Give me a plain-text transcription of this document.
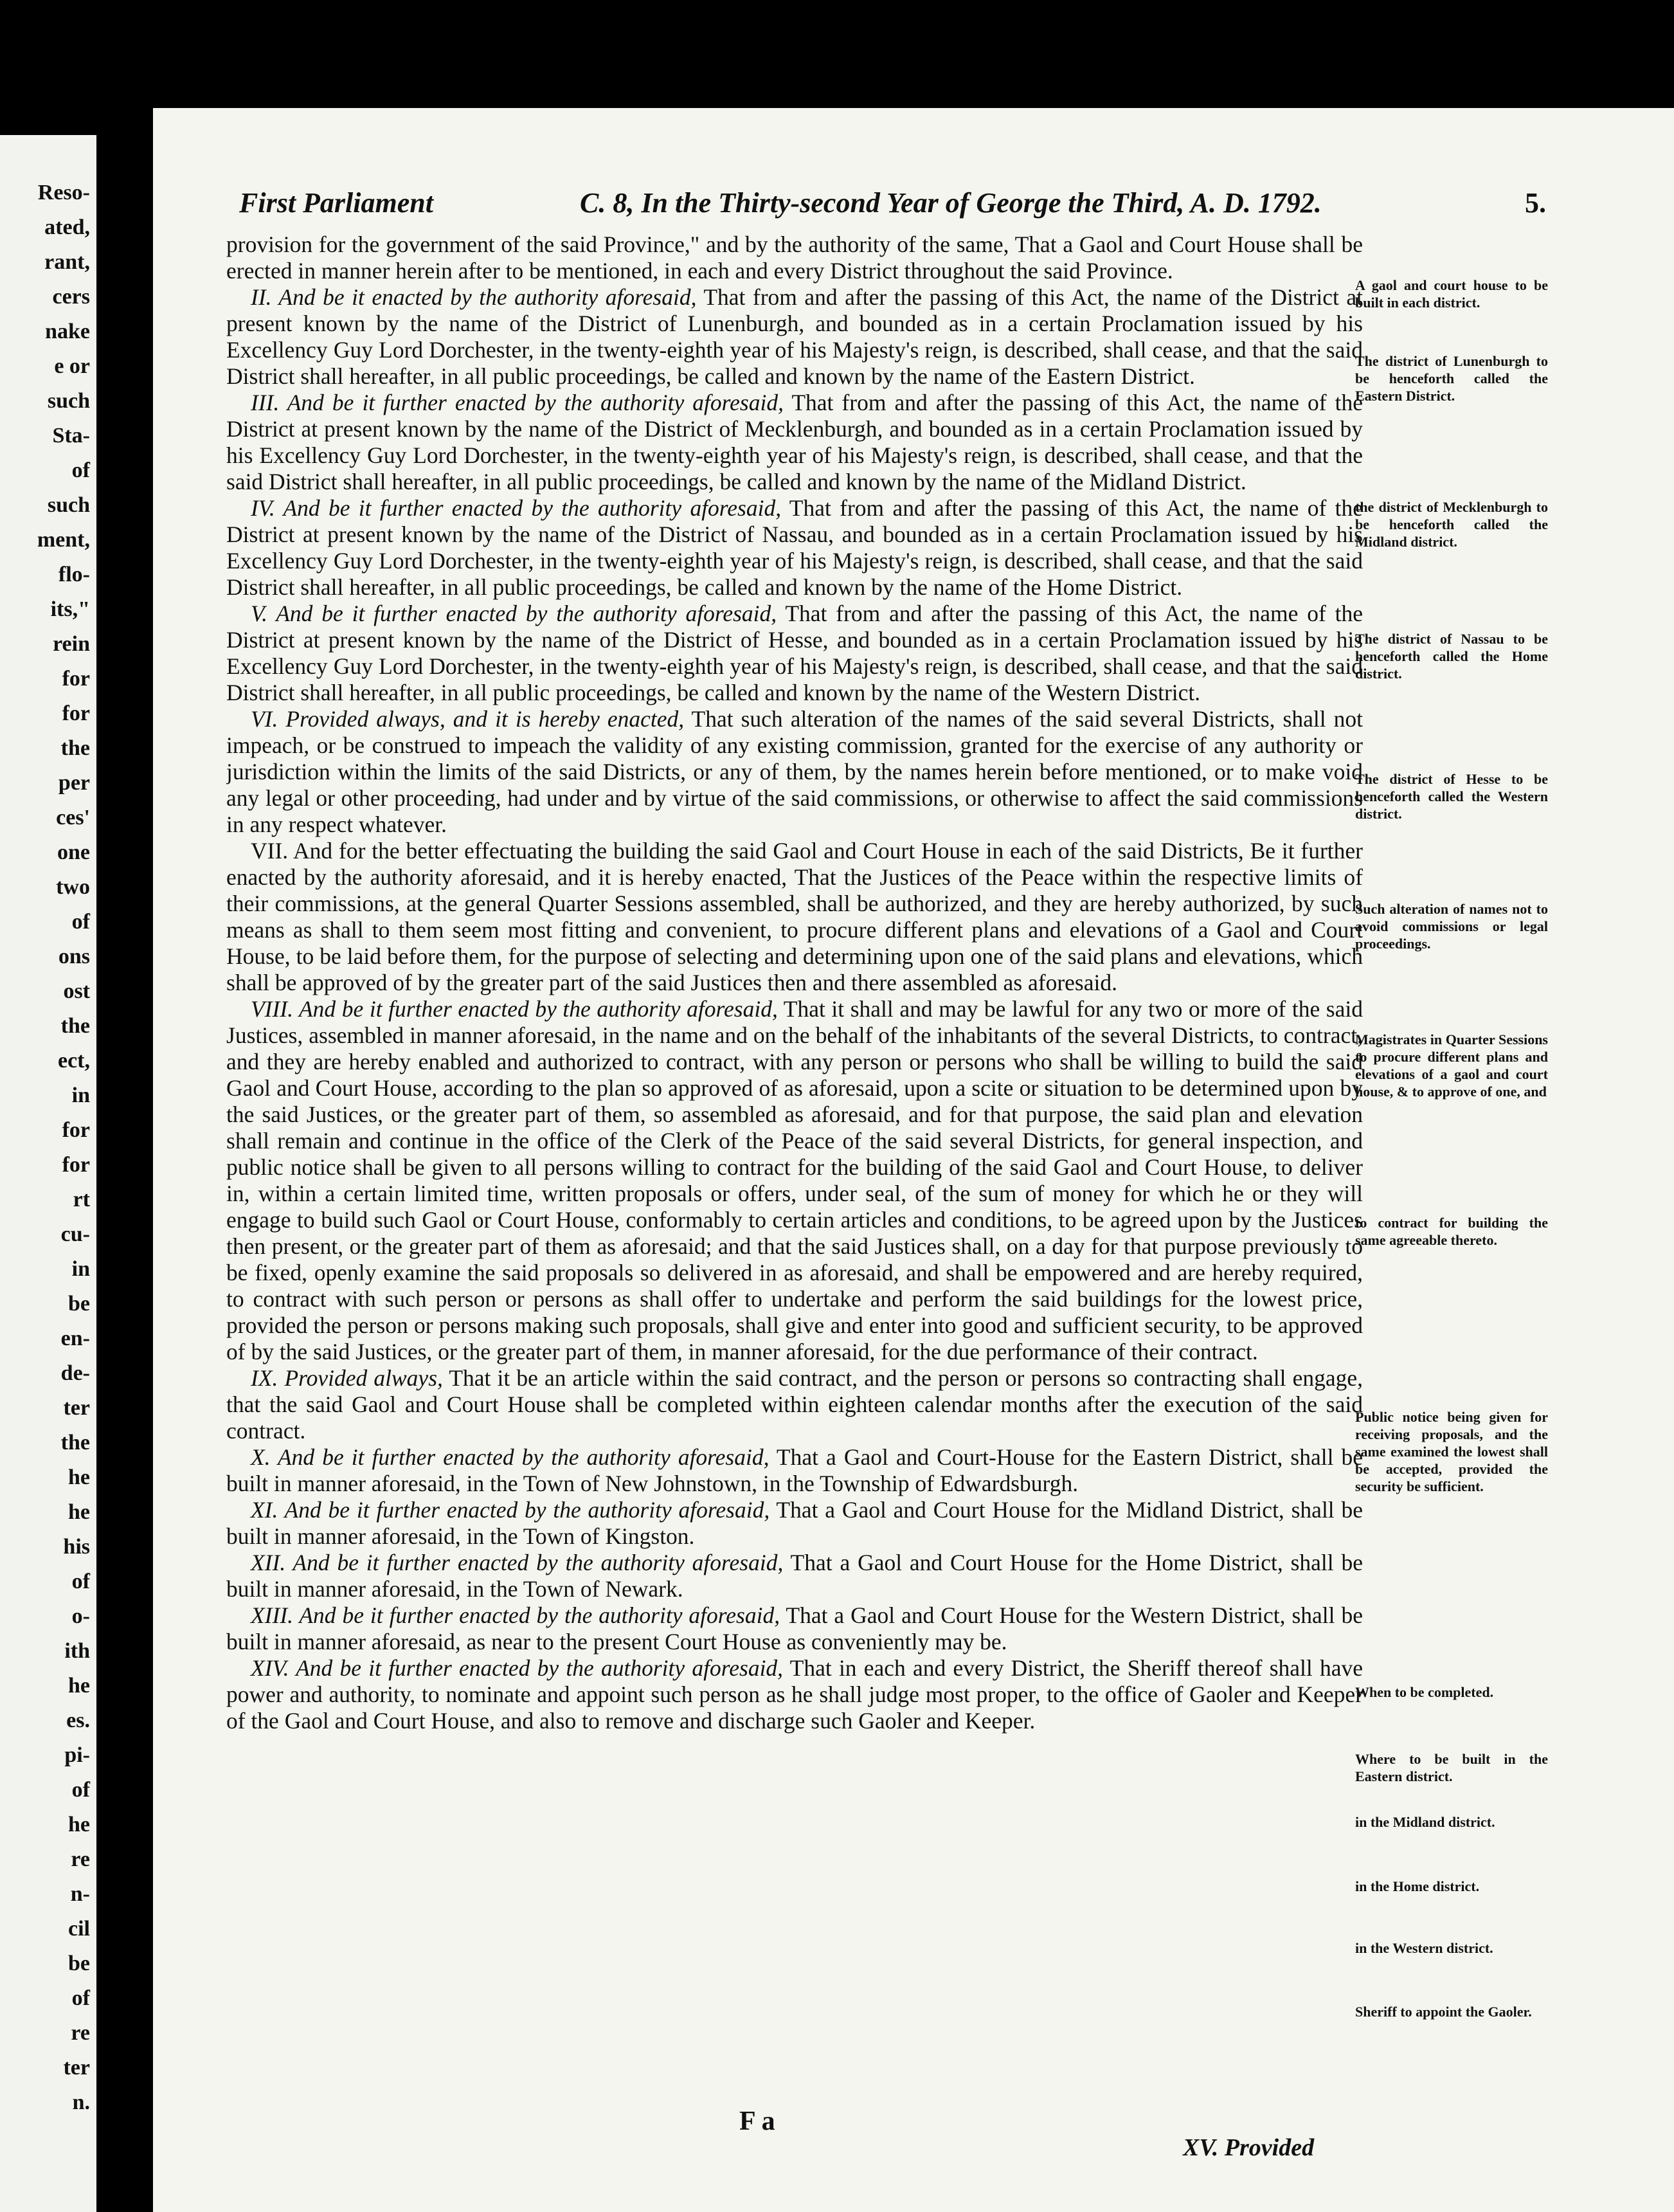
Reso-
ated,
rant,
cers
nake
e or
such
Sta-
of
such
ment,
flo-
its,"
rein
for
for
the
per
ces'
one
two
of
ons
ost
the
ect,
in
for
for
rt
cu-
in
be
en-
de-
ter
the
he
he
his
of
o-
ith
he
es.
pi-
of
he
re
n-
cil
be
of
re
ter
n.
First Parliament	C. 8, In the Thirty-second Year of George the Third, A. D. 1792.	5.

provision for the government of the said Province," and by the authority of the same, That a Gaol and Court House shall be erected in manner herein after to be mentioned, in each and every District throughout the said Province.

II. And be it enacted by the authority aforesaid, That from and after the passing of this Act, the name of the District at present known by the name of the District of Lunenburgh, and bounded as in a certain Proclamation issued by his Excellency Guy Lord Dorchester, in the twenty-eighth year of his Majesty's reign, is described, shall cease, and that the said District shall hereafter, in all public proceedings, be called and known by the name of the Eastern District.

III. And be it further enacted by the authority aforesaid, That from and after the passing of this Act, the name of the District at present known by the name of the District of Mecklenburgh, and bounded as in a certain Proclamation issued by his Excellency Guy Lord Dorchester, in the twenty-eighth year of his Majesty's reign, is described, shall cease, and that the said District shall hereafter, in all public proceedings, be called and known by the name of the Midland District.

IV. And be it further enacted by the authority aforesaid, That from and after the passing of this Act, the name of the District at present known by the name of the District of Nassau, and bounded as in a certain Proclamation issued by his Excellency Guy Lord Dorchester, in the twenty-eighth year of his Majesty's reign, is described, shall cease, and that the said District shall hereafter, in all public proceedings, be called and known by the name of the Home District.

V. And be it further enacted by the authority aforesaid, That from and after the passing of this Act, the name of the District at present known by the name of the District of Hesse, and bounded as in a certain Proclamation issued by his Excellency Guy Lord Dorchester, in the twenty-eighth year of his Majesty's reign, is described, shall cease, and that the said District shall hereafter, in all public proceedings, be called and known by the name of the Western District.

VI. Provided always, and it is hereby enacted, That such alteration of the names of the said several Districts, shall not impeach, or be construed to impeach the validity of any existing commission, granted for the exercise of any authority or jurisdiction within the limits of the said Districts, or any of them, by the names herein before mentioned, or to make void any legal or other proceeding, had under and by virtue of the said commissions, or otherwise to affect the said commissions in any respect whatever.

VII. And for the better effectuating the building the said Gaol and Court House in each of the said Districts, Be it further enacted by the authority aforesaid, and it is hereby enacted, That the Justices of the Peace within the respective limits of their commissions, at the general Quarter Sessions assembled, shall be authorized, and they are hereby authorized, by such means as shall to them seem most fitting and convenient, to procure different plans and elevations of a Gaol and Court House, to be laid before them, for the purpose of selecting and determining upon one of the said plans and elevations, which shall be approved of by the greater part of the said Justices then and there assembled as aforesaid.

VIII. And be it further enacted by the authority aforesaid, That it shall and may be lawful for any two or more of the said Justices, assembled in manner aforesaid, in the name and on the behalf of the inhabitants of the several Districts, to contract, and they are hereby enabled and authorized to contract, with any person or persons who shall be willing to build the said Gaol and Court House, according to the plan so approved of as aforesaid, upon a scite or situation to be determined upon by the said Justices, or the greater part of them, so assembled as aforesaid, and for that purpose, the said plan and elevation shall remain and continue in the office of the Clerk of the Peace of the said several Districts, for general inspection, and public notice shall be given to all persons willing to contract for the building of the said Gaol and Court House, to deliver in, within a certain limited time, written proposals or offers, under seal, of the sum of money for which he or they will engage to build such Gaol or Court House, conformably to certain articles and conditions, to be agreed upon by the Justices then present, or the greater part of them as aforesaid; and that the said Justices shall, on a day for that purpose previously to be fixed, openly examine the said proposals so delivered in as aforesaid, and shall be empowered and are hereby required, to contract with such person or persons as shall offer to undertake and perform the said buildings for the lowest price, provided the person or persons making such proposals, shall give and enter into good and sufficient security, to be approved of by the said Justices, or the greater part of them, in manner aforesaid, for the due performance of their contract.

IX. Provided always, That it be an article within the said contract, and the person or persons so contracting shall engage, that the said Gaol and Court House shall be completed within eighteen calendar months after the execution of the said contract.

X. And be it further enacted by the authority aforesaid, That a Gaol and Court-House for the Eastern District, shall be built in manner aforesaid, in the Town of New Johnstown, in the Township of Edwardsburgh.

XI. And be it further enacted by the authority aforesaid, That a Gaol and Court House for the Midland District, shall be built in manner aforesaid, in the Town of Kingston.

XII. And be it further enacted by the authority aforesaid, That a Gaol and Court House for the Home District, shall be built in manner aforesaid, in the Town of Newark.

XIII. And be it further enacted by the authority aforesaid, That a Gaol and Court House for the Western District, shall be built in manner aforesaid, as near to the present Court House as conveniently may be.

XIV. And be it further enacted by the authority aforesaid, That in each and every District, the Sheriff thereof shall have power and authority, to nominate and appoint such person as he shall judge most proper, to the office of Gaoler and Keeper of the Gaol and Court House, and also to remove and discharge such Gaoler and Keeper.

A gaol and court house to be built in each district.
The district of Lunenburgh to be henceforth called the Eastern District.
the district of Mecklenburgh to be henceforth called the Midland district.
The district of Nassau to be henceforth called the Home district.
The district of Hesse to be henceforth called the Western district.
Such alteration of names not to avoid commissions or legal proceedings.
Magistrates in Quarter Sessions to procure different plans and elevations of a gaol and court house, & to approve of one, and
to contract for building the same agreeable thereto.
Public notice being given for receiving proposals, and the same examined the lowest shall be accepted, provided the security be sufficient.
When to be completed.
Where to be built in the Eastern district.
in the Midland district.
in the Home district.
in the Western district.
Sheriff to appoint the Gaoler.
F a
XV. Provided
